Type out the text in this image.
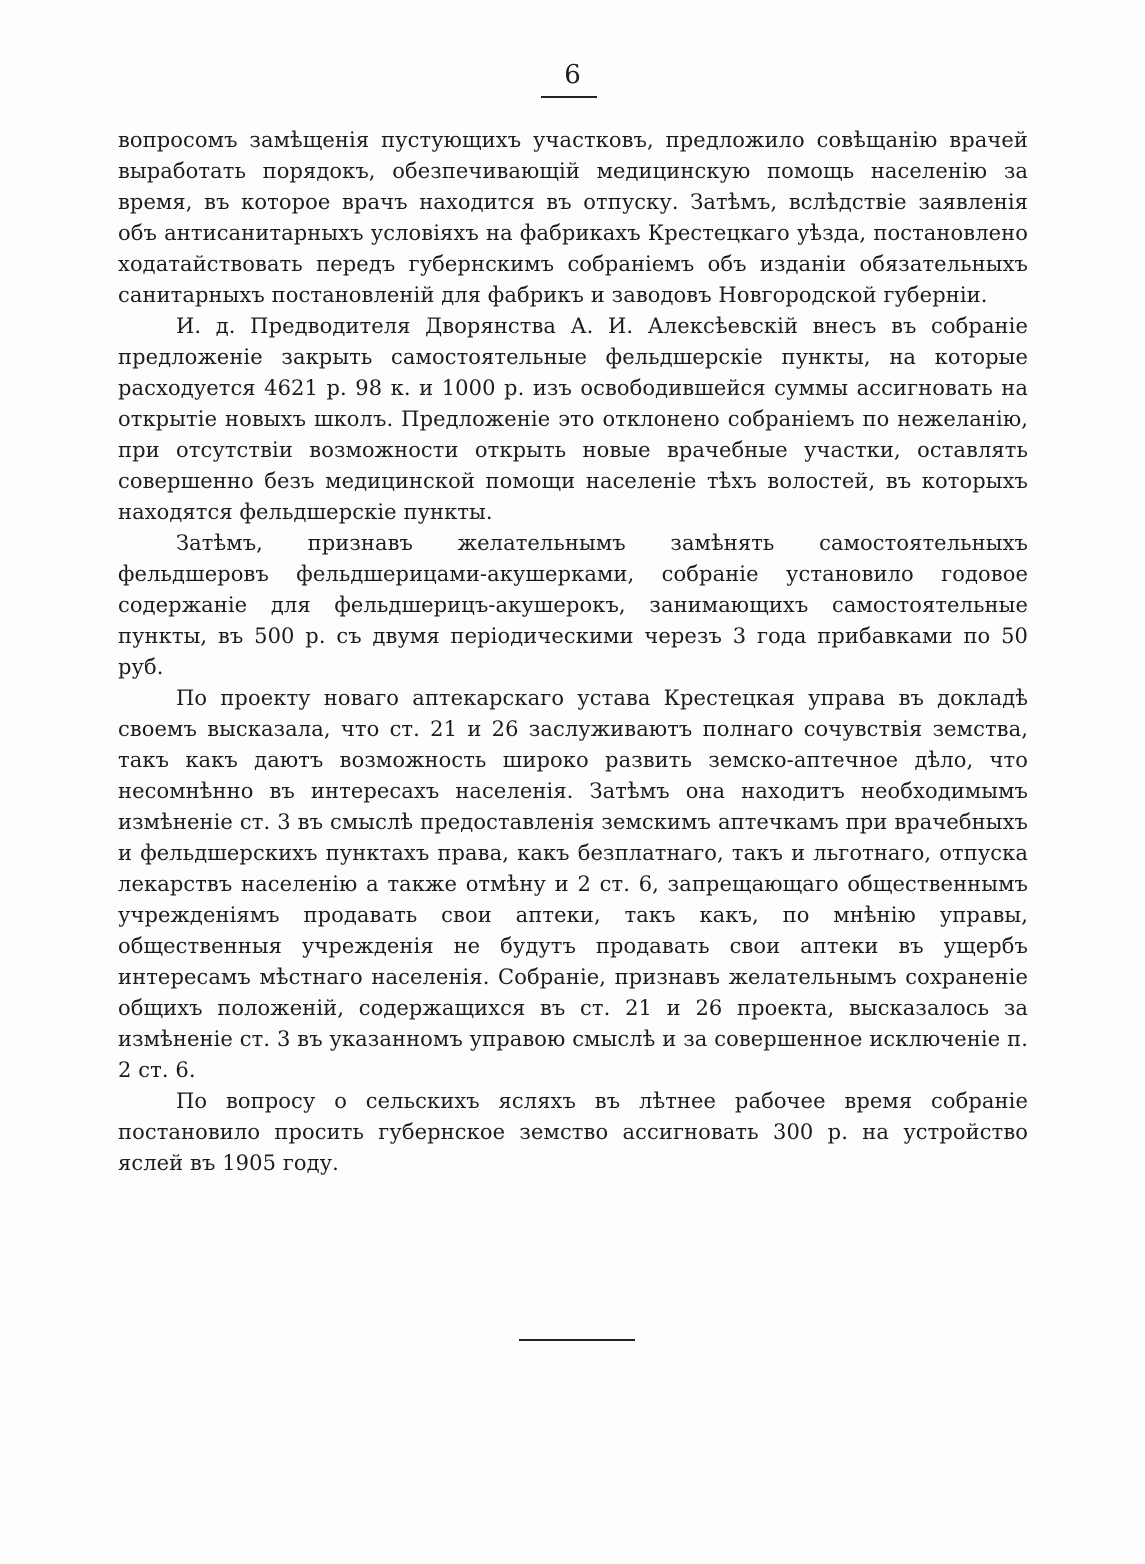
6

вопросомъ замѣщенія пустующихъ участковъ, предложило совѣщанію врачей выработать порядокъ, обезпечивающій медицинскую помощь населенію за время, въ которое врачъ находится въ отпуску. Затѣмъ, вслѣдствіе заявленія объ антисанитарныхъ условіяхъ на фабрикахъ Крестецкаго уѣзда, постановлено ходатайствовать передъ губернскимъ собраніемъ объ изданіи обязательныхъ санитарныхъ постановленій для фабрикъ и заводовъ Новгородской губерніи.

И. д. Предводителя Дворянства А. И. Алексѣевскій внесъ въ собраніе предложеніе закрыть самостоятельные фельдшерскіе пункты, на которые расходуется 4621 р. 98 к. и 1000 р. изъ освободившейся суммы ассигновать на открытіе новыхъ школъ. Предложеніе это отклонено собраніемъ по нежеланію, при отсутствіи возможности открыть новые врачебные участки, оставлять совершенно безъ медицинской помощи населеніе тѣхъ волостей, въ которыхъ находятся фельдшерскіе пункты.

Затѣмъ, признавъ желательнымъ замѣнять самостоятельныхъ фельдшеровъ фельдшерицами-акушерками, собраніе установило годовое содержаніе для фельдшерицъ-акушерокъ, занимающихъ самостоятельные пункты, въ 500 р. съ двумя періодическими черезъ 3 года прибавками по 50 руб.

По проекту новаго аптекарскаго устава Крестецкая управа въ докладѣ своемъ высказала, что ст. 21 и 26 заслуживаютъ полнаго сочувствія земства, такъ какъ даютъ возможность широко развить земско-аптечное дѣло, что несомнѣнно въ интересахъ населенія. Затѣмъ она находитъ необходимымъ измѣненіе ст. 3 въ смыслѣ предоставленія земскимъ аптечкамъ при врачебныхъ и фельдшерскихъ пунктахъ права, какъ безплатнаго, такъ и льготнаго, отпуска лекарствъ населенію а также отмѣну и 2 ст. 6, запрещающаго общественнымъ учрежденіямъ продавать свои аптеки, такъ какъ, по мнѣнію управы, общественныя учрежденія не будутъ продавать свои аптеки въ ущербъ интересамъ мѣстнаго населенія. Собраніе, признавъ желательнымъ сохраненіе общихъ положеній, содержащихся въ ст. 21 и 26 проекта, высказалось за измѣненіе ст. 3 въ указанномъ управою смыслѣ и за совершенное исключеніе п. 2 ст. 6.

По вопросу о сельскихъ ясляхъ въ лѣтнее рабочее время собраніе постановило просить губернское земство ассигновать 300 р. на устройство яслей въ 1905 году.
